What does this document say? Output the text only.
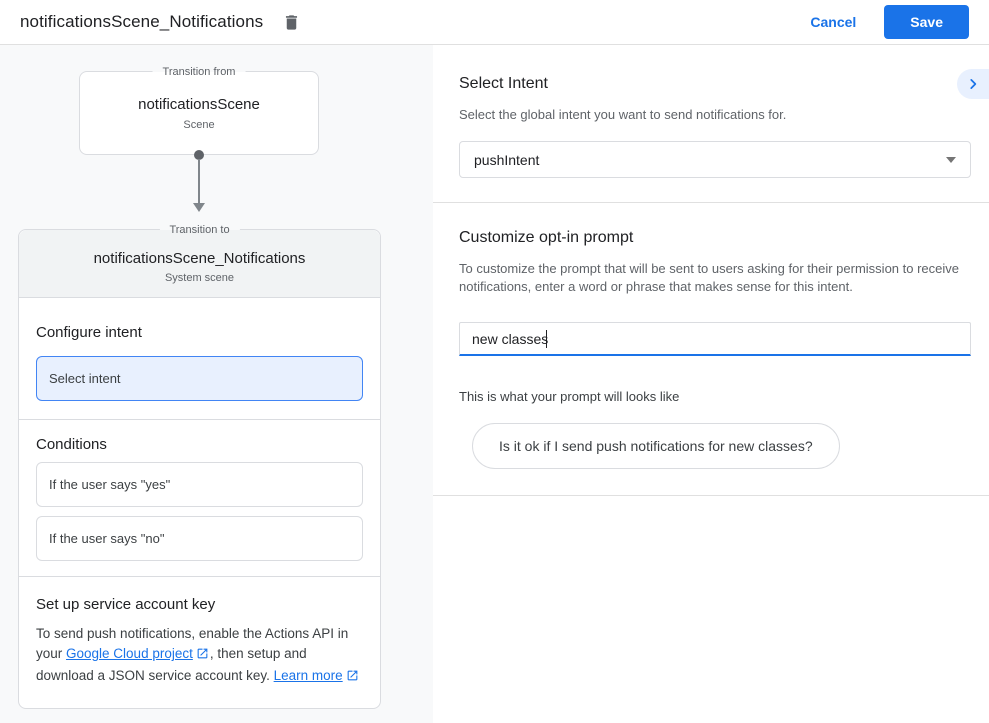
notificationsScene_Notifications	Cancel	Save
Transition from
notificationsScene
Scene
Transition to
notificationsScene_Notifications
System scene
Configure intent
Select intent
Conditions
If the user says "yes"
If the user says "no"
Set up service account key

To send push notifications, enable the Actions API in your Google Cloud project , then setup and download a JSON service account key. Learn more

Select Intent

Select the global intent you want to send notifications for.

pushIntent
Customize opt-in prompt

To customize the prompt that will be sent to users asking for their permission to receive notifications, enter a word or phrase that makes sense for this intent.

new classes

This is what your prompt will looks like

Is it ok if I send push notifications for new classes?
